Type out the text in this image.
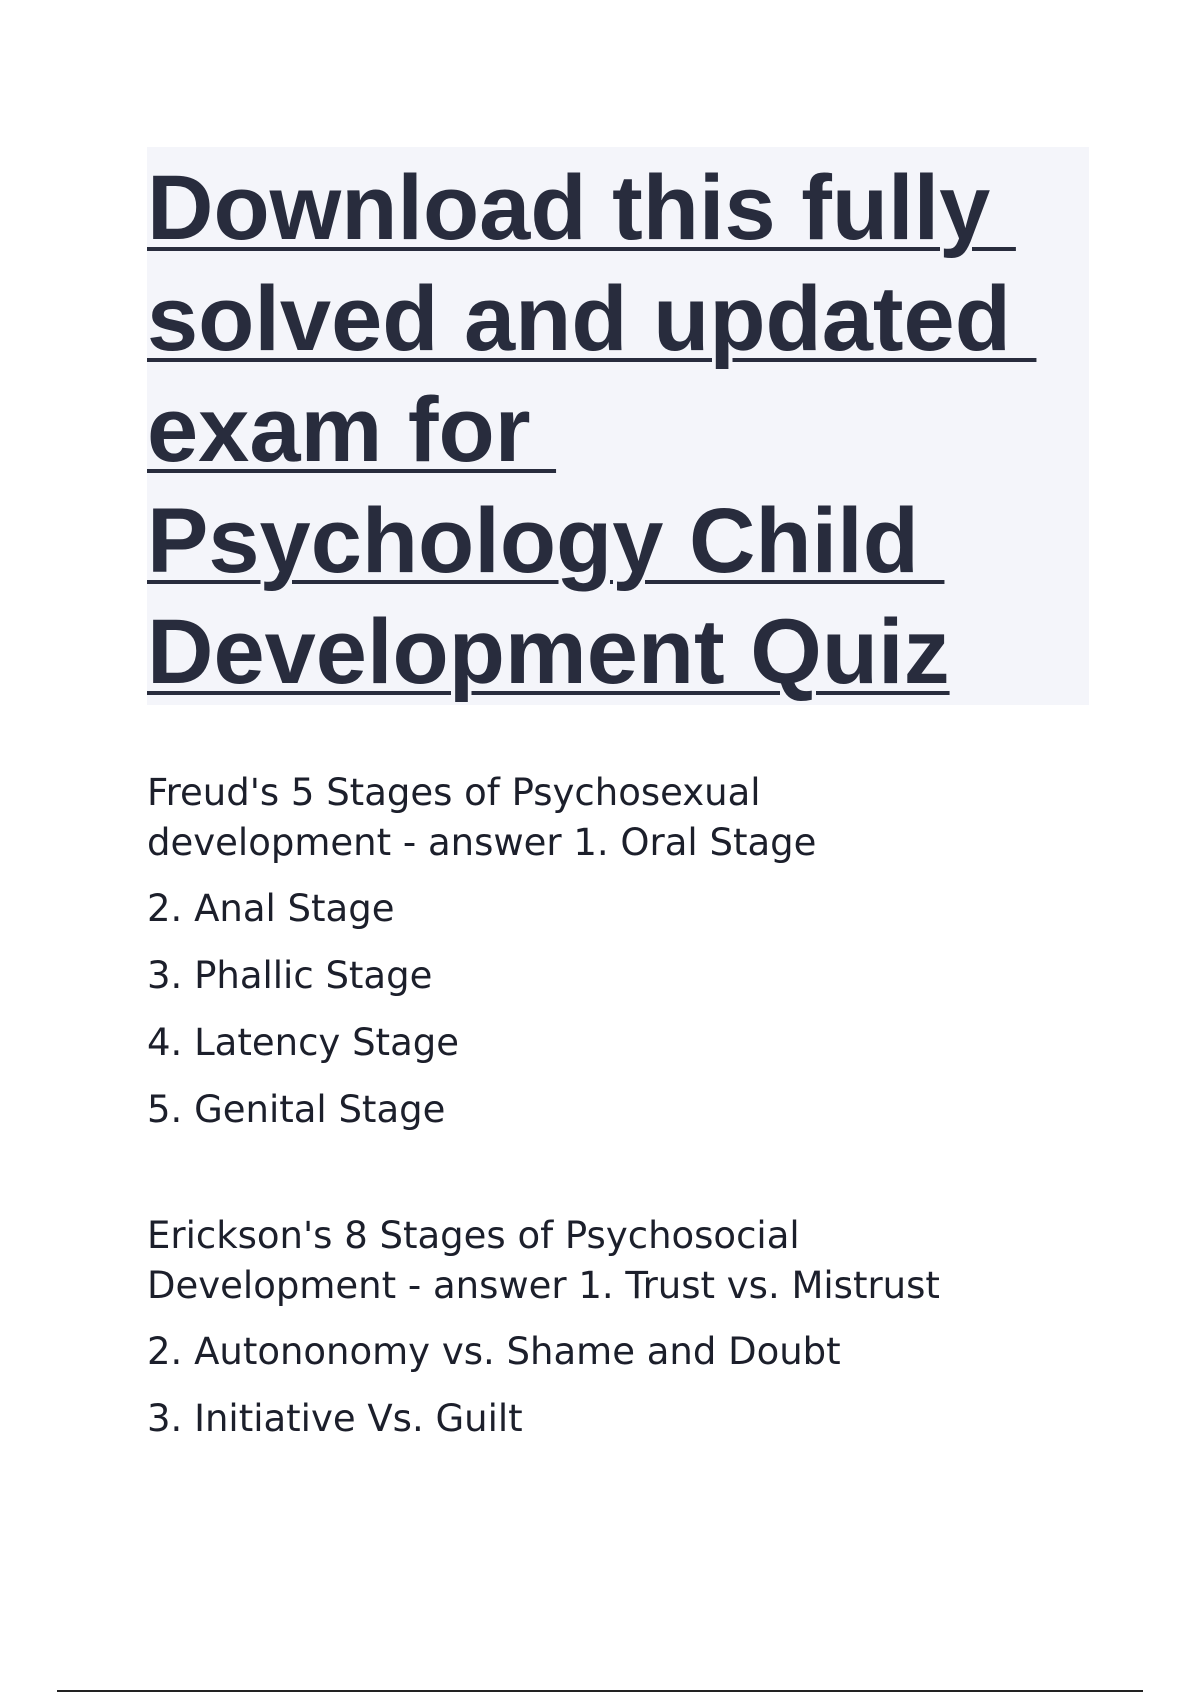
Download this fully
solved and updated
exam for
Psychology Child
Development Quiz

Freud's 5 Stages of Psychosexual
development - answer 1. Oral Stage

2. Anal Stage

3. Phallic Stage

4. Latency Stage

5. Genital Stage

Erickson's 8 Stages of Psychosocial
Development - answer 1. Trust vs. Mistrust

2. Autononomy vs. Shame and Doubt

3. Initiative Vs. Guilt
